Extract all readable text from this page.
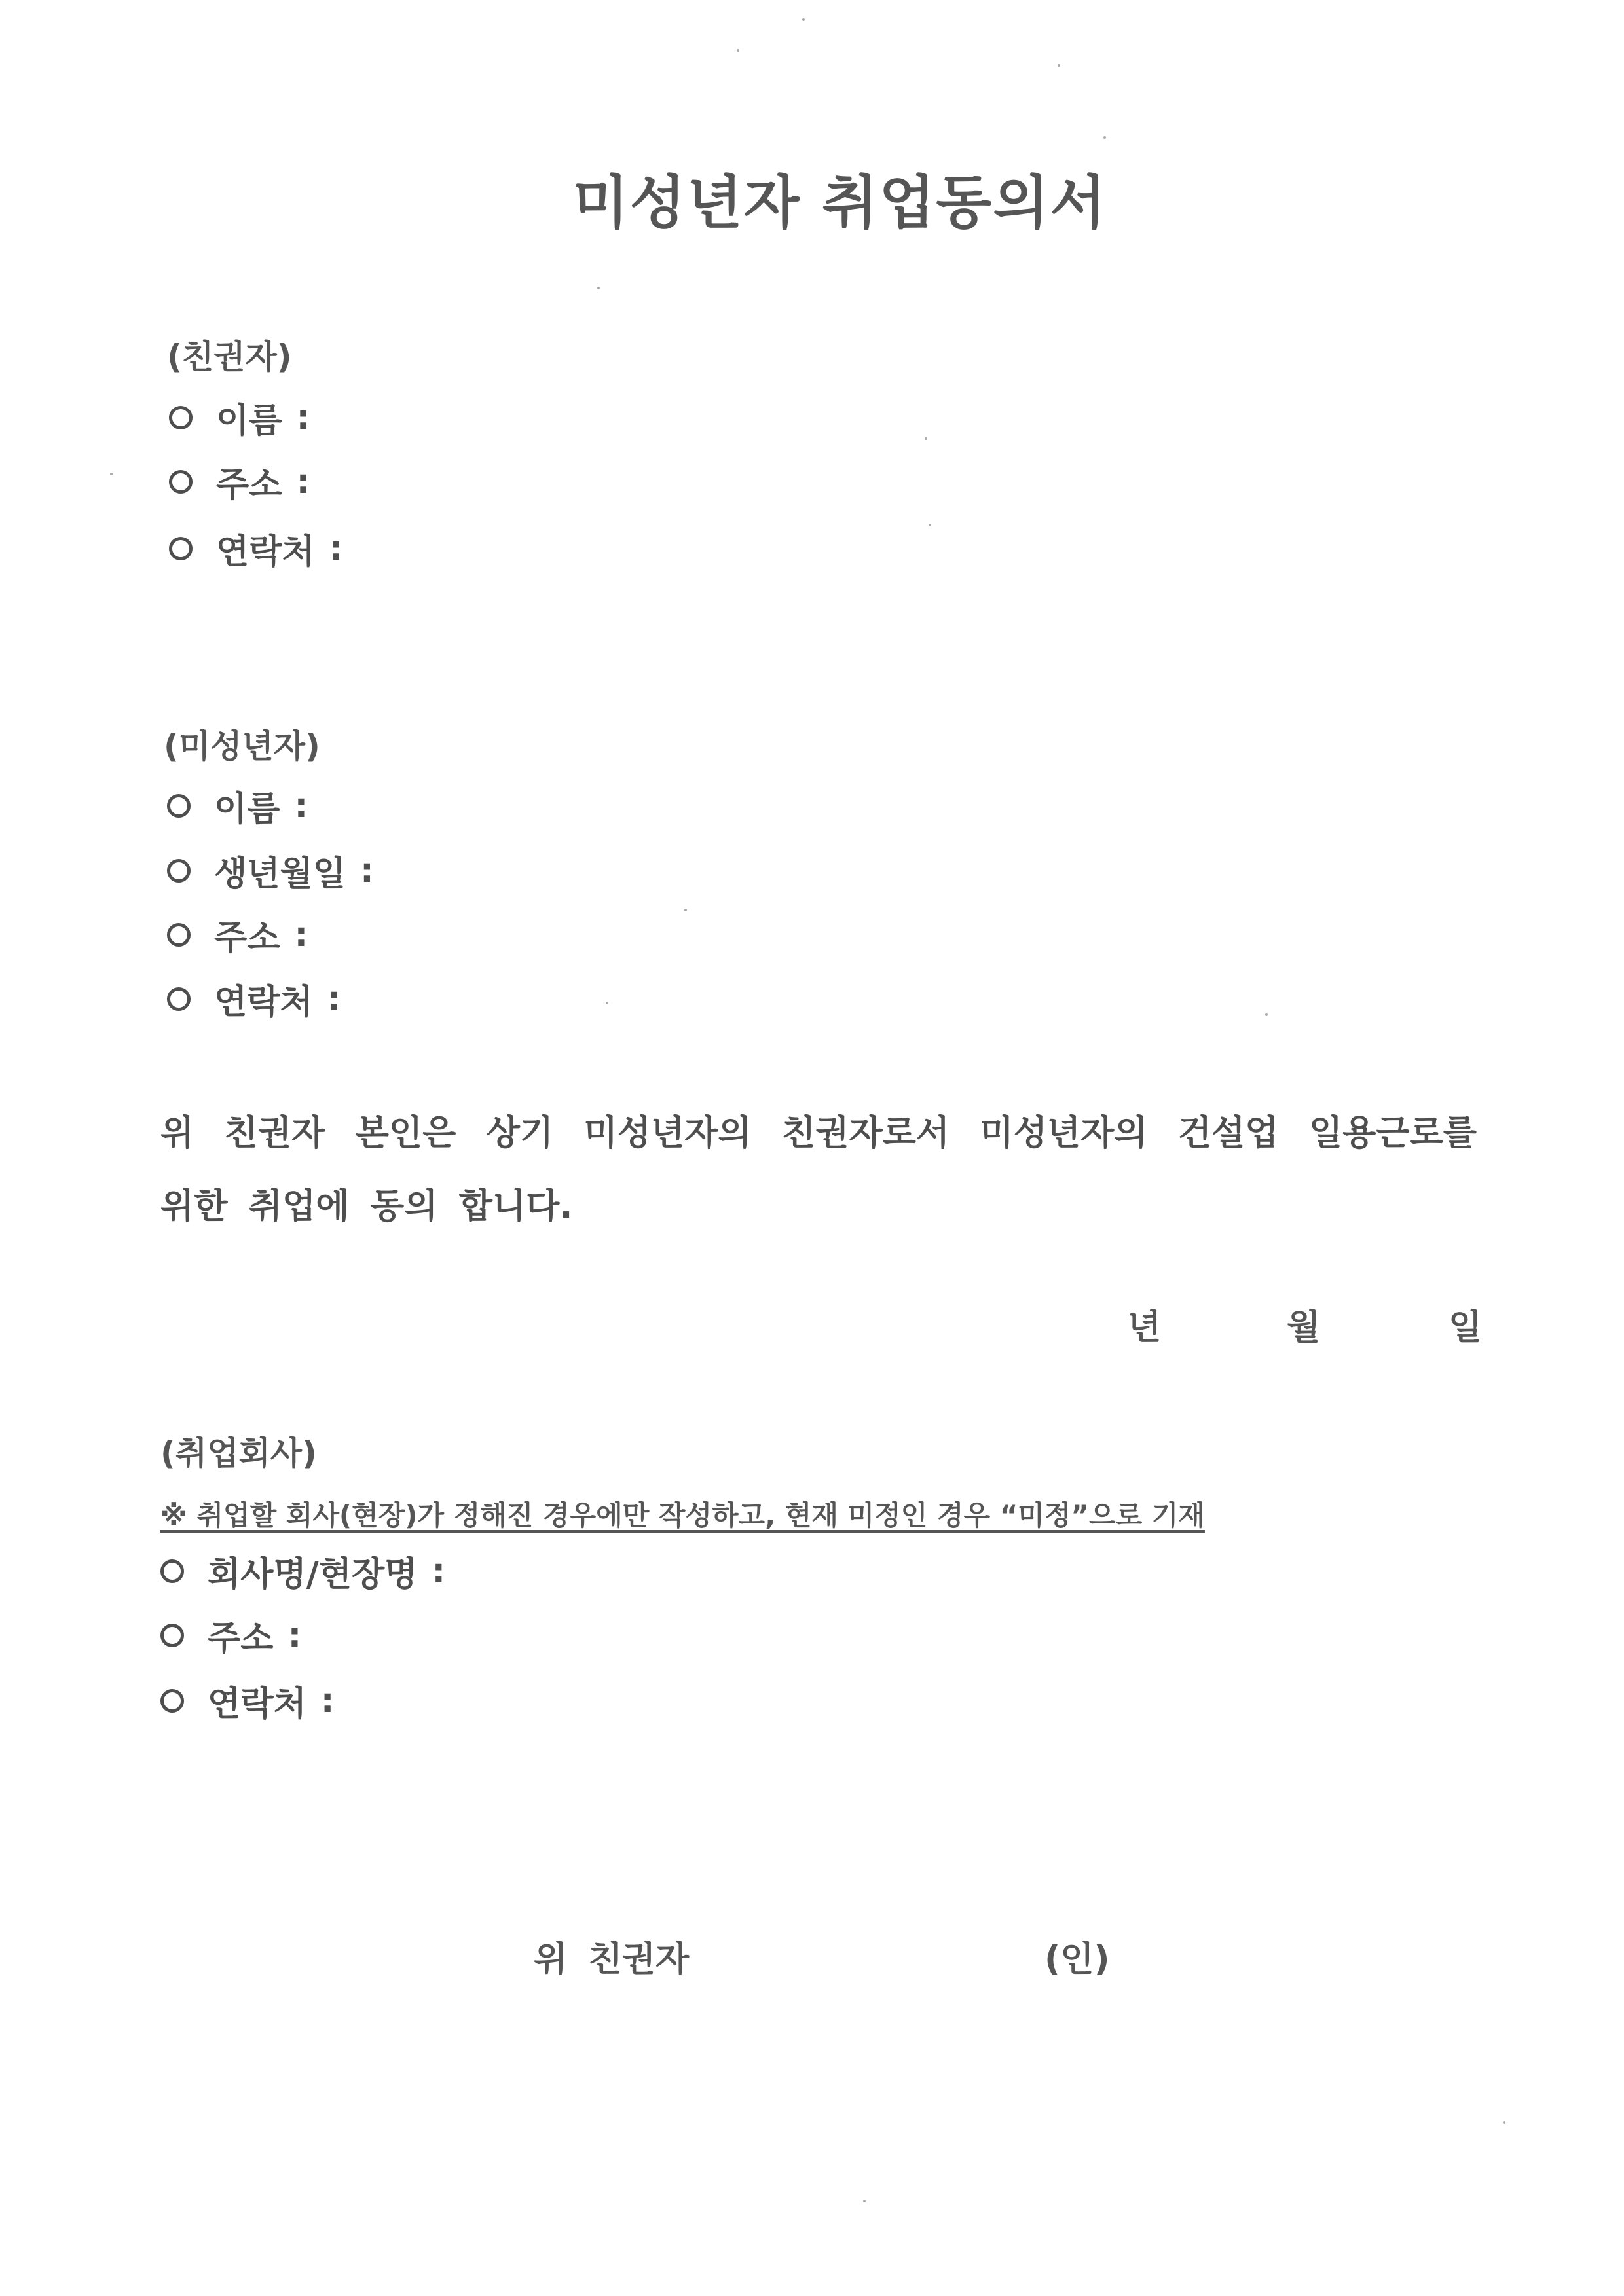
미성년자 취업동의서
(친권자)
이름 :
주소 :
연락처 :
(미성년자)
이름 :
생년월일 :
주소 :
연락처 :
위 친권자 본인은 상기 미성년자의 친권자로서 미성년자의 건설업 일용근로를
위한 취업에 동의 합니다.
년	월	일
(취업회사)
※ 취업할 회사(현장)가 정해진 경우에만 작성하고, 현재 미정인 경우 “미정”으로 기재
회사명/현장명 :
주소 :
연락처 :
위 친권자	(인)
